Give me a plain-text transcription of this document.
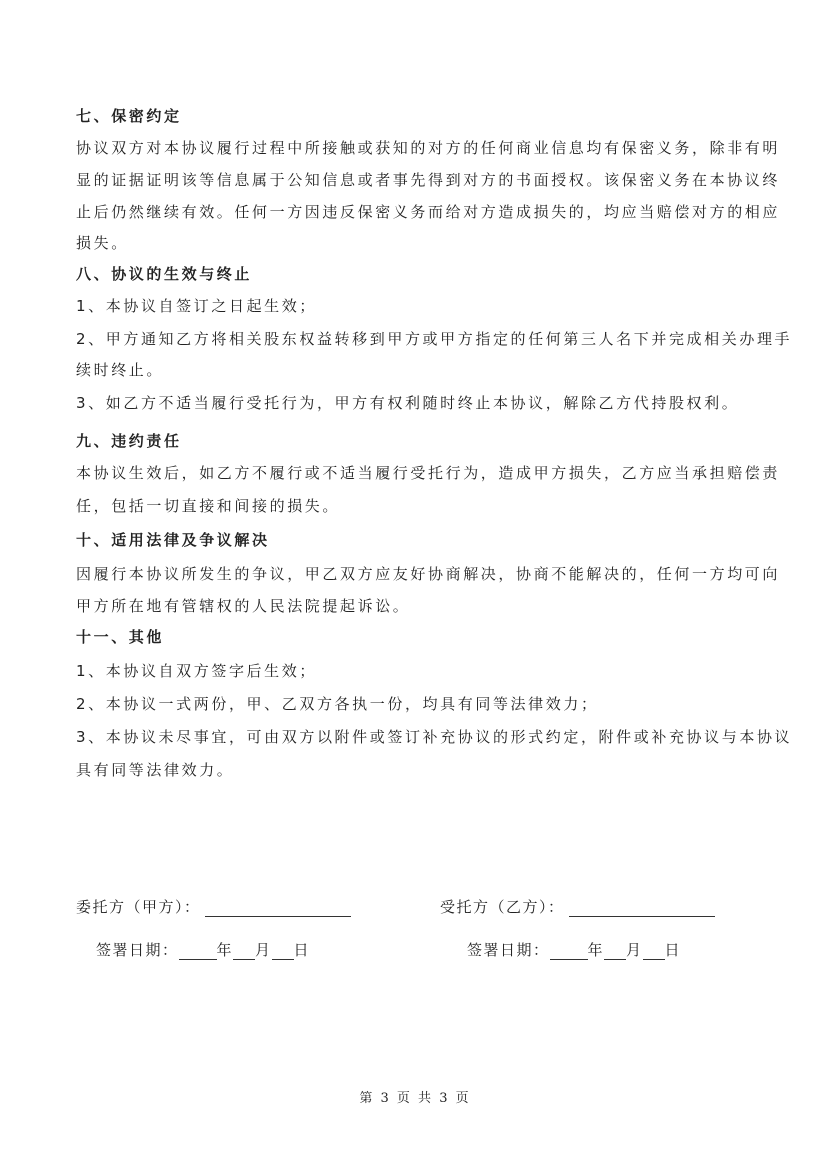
七、保密约定
协议双方对本协议履行过程中所接触或获知的对方的任何商业信息均有保密义务，除非有明
显的证据证明该等信息属于公知信息或者事先得到对方的书面授权。该保密义务在本协议终
止后仍然继续有效。任何一方因违反保密义务而给对方造成损失的，均应当赔偿对方的相应
损失。
八、协议的生效与终止
1、本协议自签订之日起生效；
2、甲方通知乙方将相关股东权益转移到甲方或甲方指定的任何第三人名下并完成相关办理手
续时终止。
3、如乙方不适当履行受托行为，甲方有权利随时终止本协议，解除乙方代持股权利。
九、违约责任
本协议生效后，如乙方不履行或不适当履行受托行为，造成甲方损失，乙方应当承担赔偿责
任，包括一切直接和间接的损失。
十、适用法律及争议解决
因履行本协议所发生的争议，甲乙双方应友好协商解决，协商不能解决的，任何一方均可向
甲方所在地有管辖权的人民法院提起诉讼。
十一、其他
1、本协议自双方签字后生效；
2、本协议一式两份，甲、乙双方各执一份，均具有同等法律效力；
3、本协议未尽事宜，可由双方以附件或签订补充协议的形式约定，附件或补充协议与本协议
具有同等法律效力。
委托方（甲方）：	受托方（乙方）：
签署日期：	年 月 日	签署日期：	年 月 日
第 3 页 共 3 页
